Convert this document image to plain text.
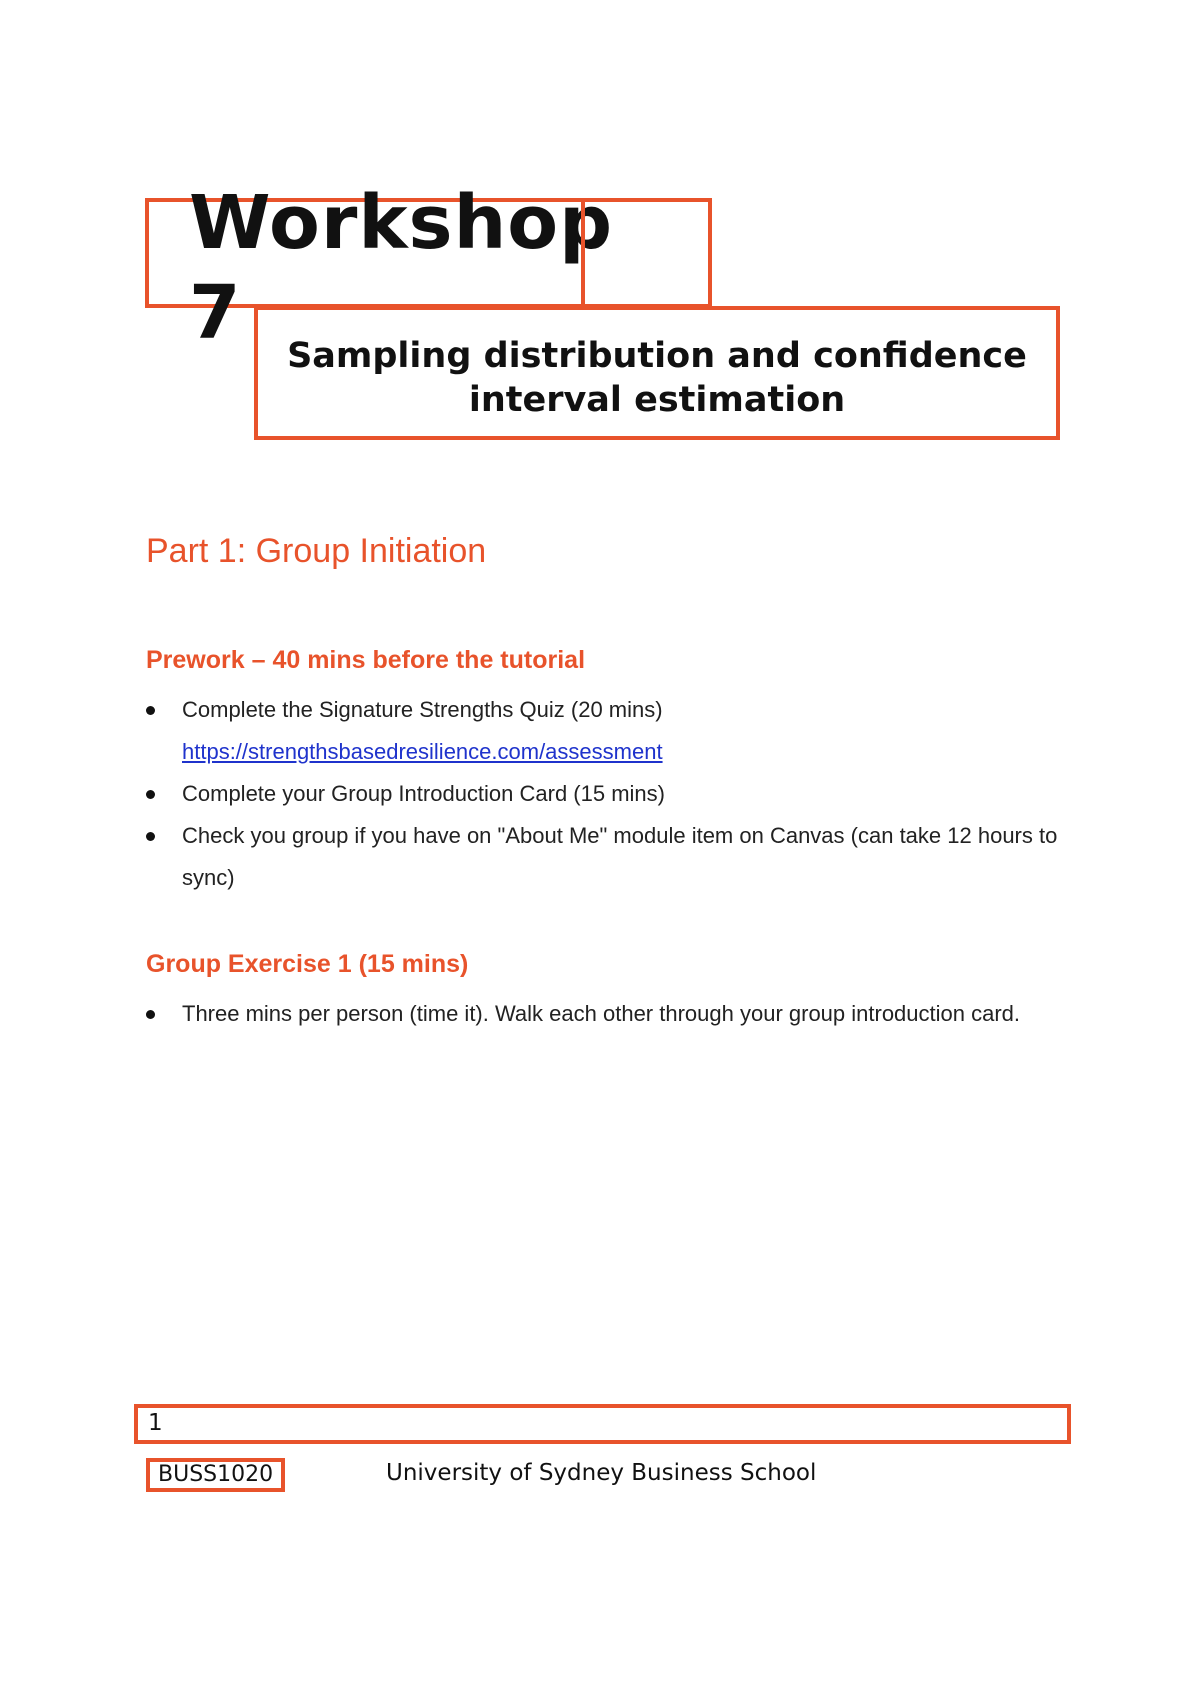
Workshop 7	Sampling distribution and confidence
interval estimation
Part 1: Group Initiation
Prework – 40 mins before the tutorial
Complete the Signature Strengths Quiz (20 mins)
https://strengthsbasedresilience.com/assessment
Complete your Group Introduction Card (15 mins)
Check you group if you have on "About Me" module item on Canvas (can take 12 hours to sync)
Group Exercise 1 (15 mins)
Three mins per person (time it). Walk each other through your group introduction card.
1
BUSS1020	University of Sydney Business School
